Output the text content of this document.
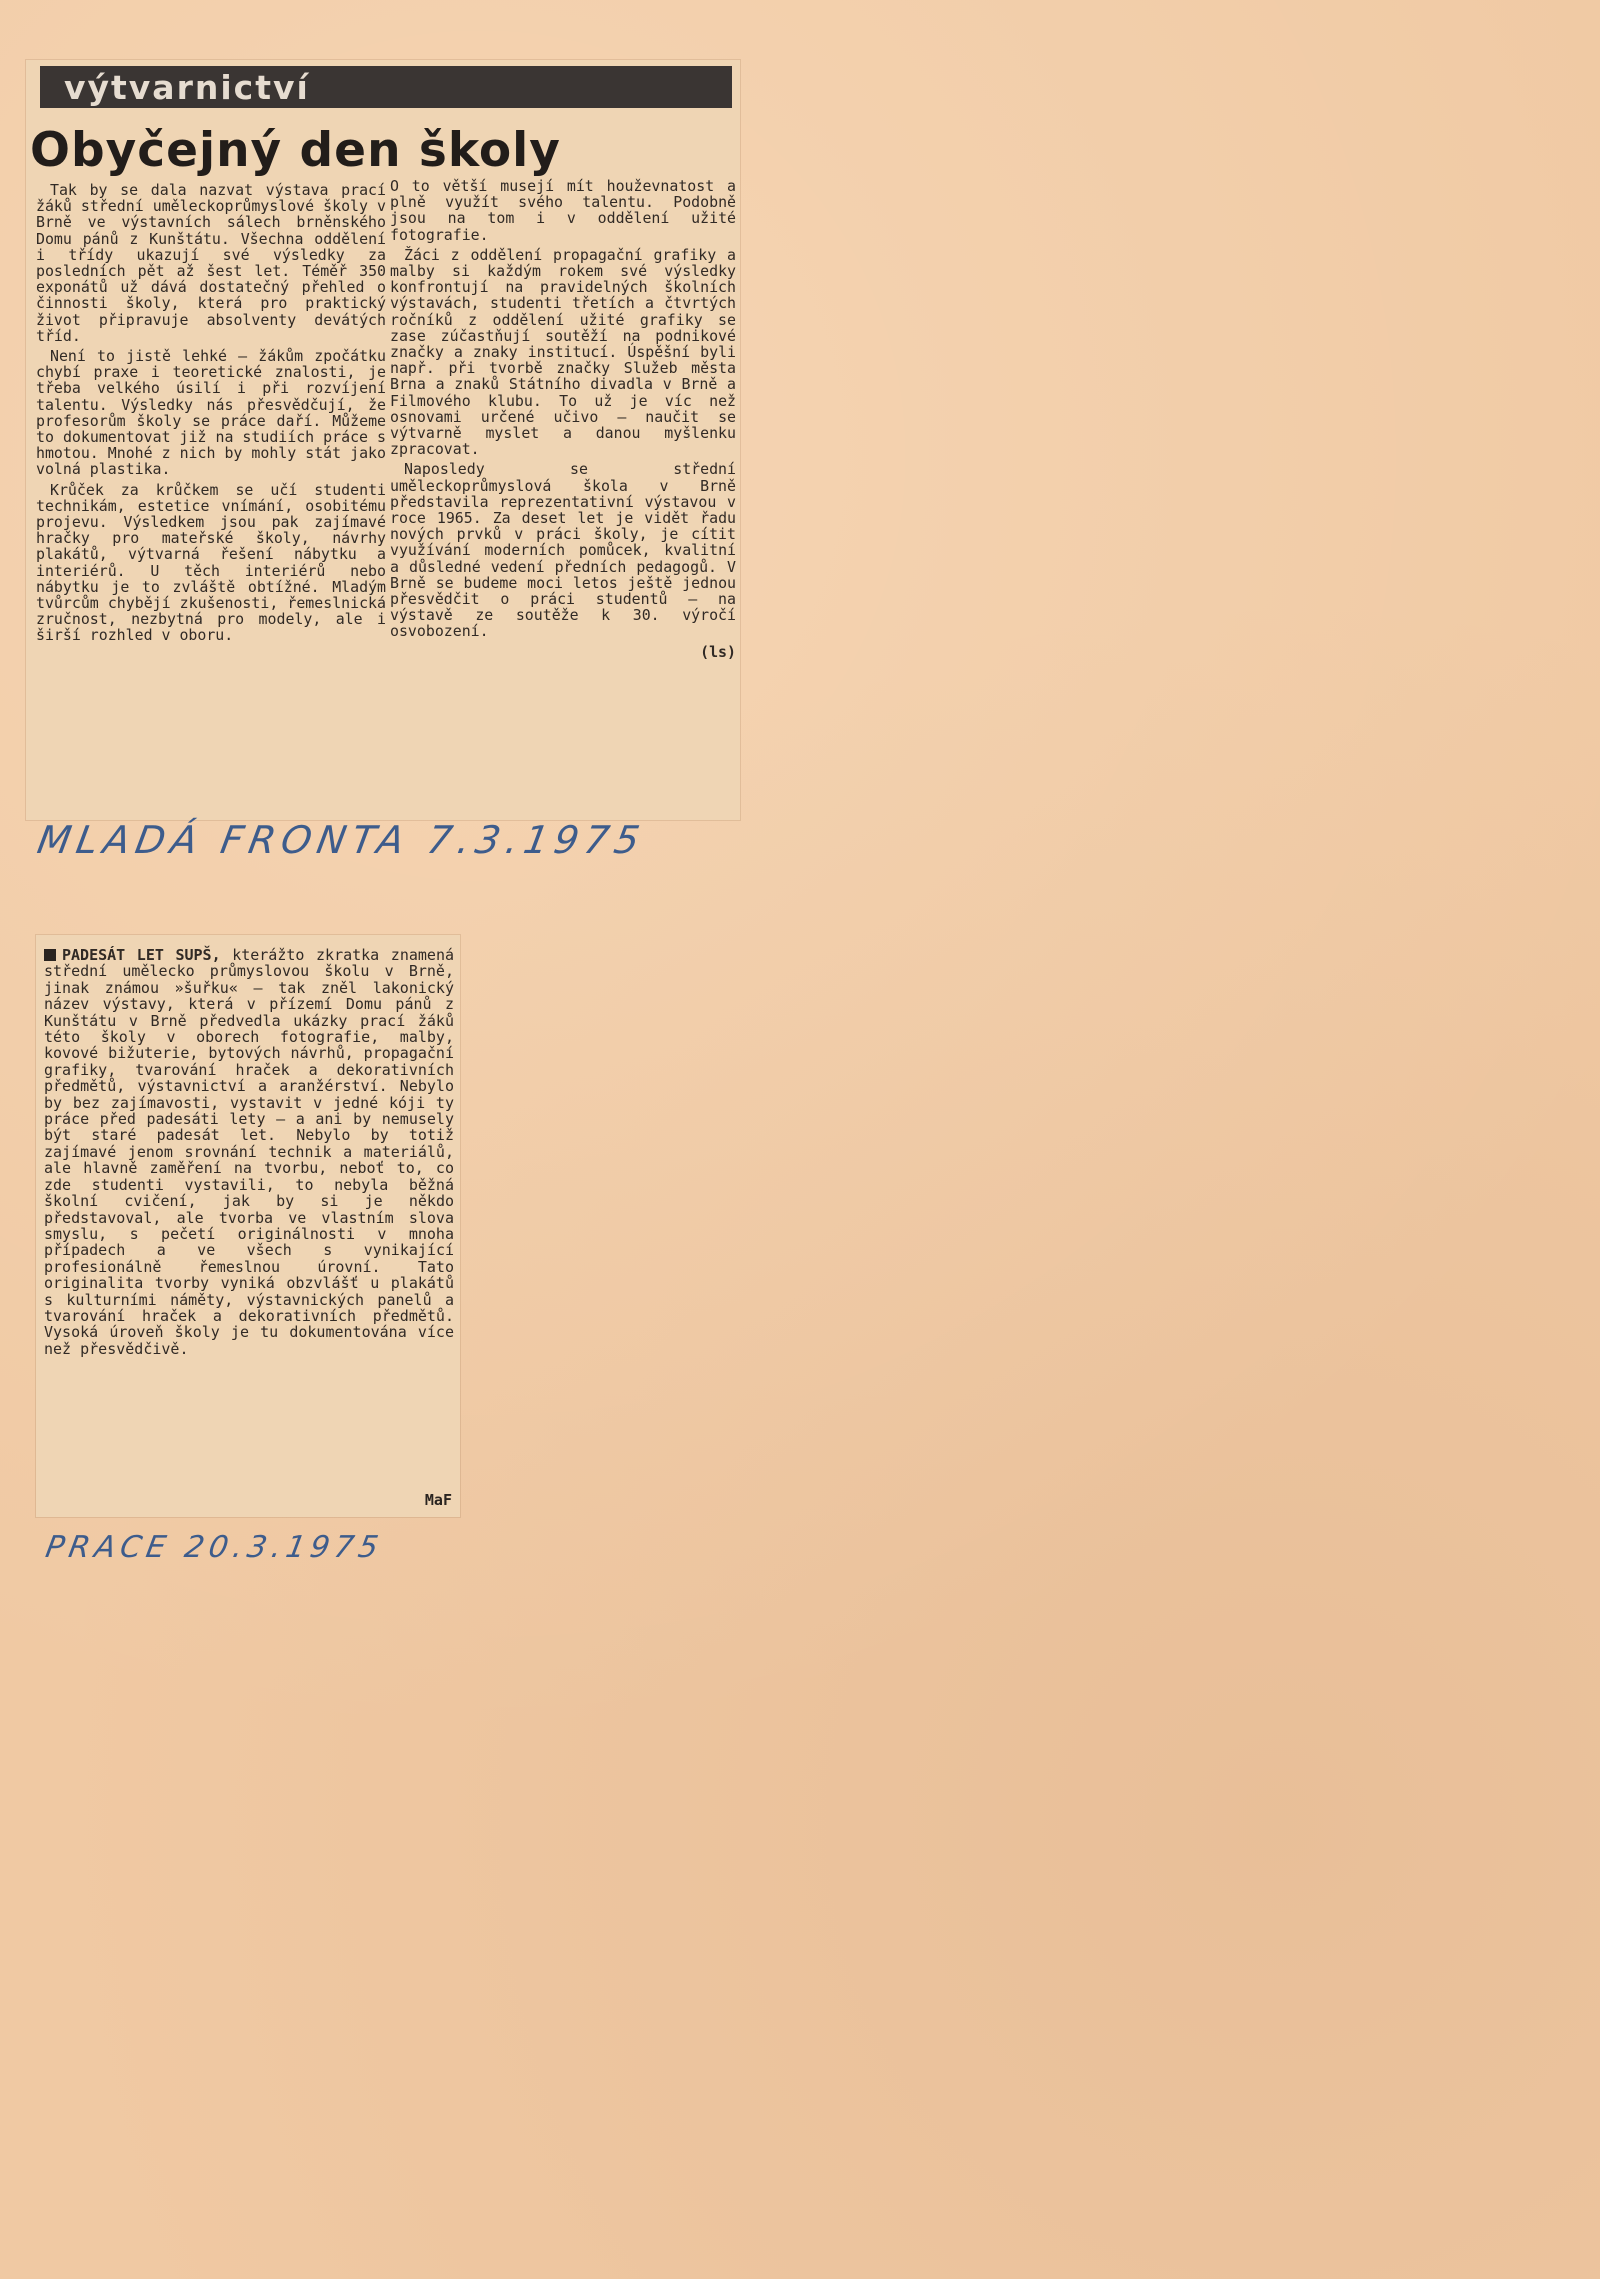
výtvarnictví
Obyčejný den školy

Tak by se dala nazvat výstava prací žáků střední uměleckoprůmyslové školy v Brně ve výstavních sálech brněnského Domu pánů z Kunštátu. Všechna oddělení i třídy ukazují své výsledky za posledních pět až šest let. Téměř 350 exponátů už dává dostatečný přehled o činnosti školy, která pro praktický život připravuje absolventy devátých tříd.

Není to jistě lehké — žákům zpočátku chybí praxe i teoretické znalosti, je třeba velkého úsilí i při rozvíjení talentu. Výsledky nás přesvědčují, že profesorům školy se práce daří. Můžeme to dokumentovat již na studiích práce s hmotou. Mnohé z nich by mohly stát jako volná plastika.

Krůček za krůčkem se učí studenti technikám, estetice vnímání, osobitému projevu. Výsledkem jsou pak zajímavé hračky pro mateřské školy, návrhy plakátů, výtvarná řešení nábytku a interiérů. U těch interiérů nebo nábytku je to zvláště obtížné. Mladým tvůrcům chybějí zkušenosti, řemeslnická zručnost, nezbytná pro modely, ale i širší rozhled v oboru.

O to větší musejí mít houževnatost a plně využít svého talentu. Podobně jsou na tom i v oddělení užité fotografie.

Žáci z oddělení propagační grafiky a malby si každým rokem své výsledky konfrontují na pravidelných školních výstavách, studenti třetích a čtvrtých ročníků z oddělení užité grafiky se zase zúčastňují soutěží na podnikové značky a znaky institucí. Úspěšní byli např. při tvorbě značky Služeb města Brna a znaků Státního divadla v Brně a Filmového klubu. To už je víc než osnovami určené učivo — naučit se výtvarně myslet a danou myšlenku zpracovat.

Naposledy se střední uměleckoprůmyslová škola v Brně představila reprezentativní výstavou v roce 1965. Za deset let je vidět řadu nových prvků v práci školy, je cítit využívání moderních pomůcek, kvalitní a důsledné vedení předních pedagogů. V Brně se budeme moci letos ještě jednou přesvědčit o práci studentů — na výstavě ze soutěže k 30. výročí osvobození.

(ls)
MLADÁ FRONTA 7.3.1975
PADESÁT LET SUPŠ, kterážto zkratka znamená střední umělecko průmyslovou školu v Brně, jinak známou »šuřku« — tak zněl lakonický název výstavy, která v přízemí Domu pánů z Kunštátu v Brně předvedla ukázky prací žáků této školy v oborech fotografie, malby, kovové bižuterie, bytových návrhů, propagační grafiky, tvarování hraček a dekorativních předmětů, výstavnictví a aranžérství. Nebylo by bez zajímavosti, vystavit v jedné kóji ty práce před padesáti lety — a ani by nemusely být staré padesát let. Nebylo by totiž zajímavé jenom srovnání technik a materiálů, ale hlavně zaměření na tvorbu, neboť to, co zde studenti vystavili, to nebyla běžná školní cvičení, jak by si je někdo představoval, ale tvorba ve vlastním slova smyslu, s pečetí originálnosti v mnoha případech a ve všech s vynikající profesionálně řemeslnou úrovní. Tato originalita tvorby vyniká obzvlášť u plakátů s kulturními náměty, výstavnických panelů a tvarování hraček a dekorativních předmětů. Vysoká úroveň školy je tu dokumentována více než přesvědčivě.
MaF
PRACE 20.3.1975
